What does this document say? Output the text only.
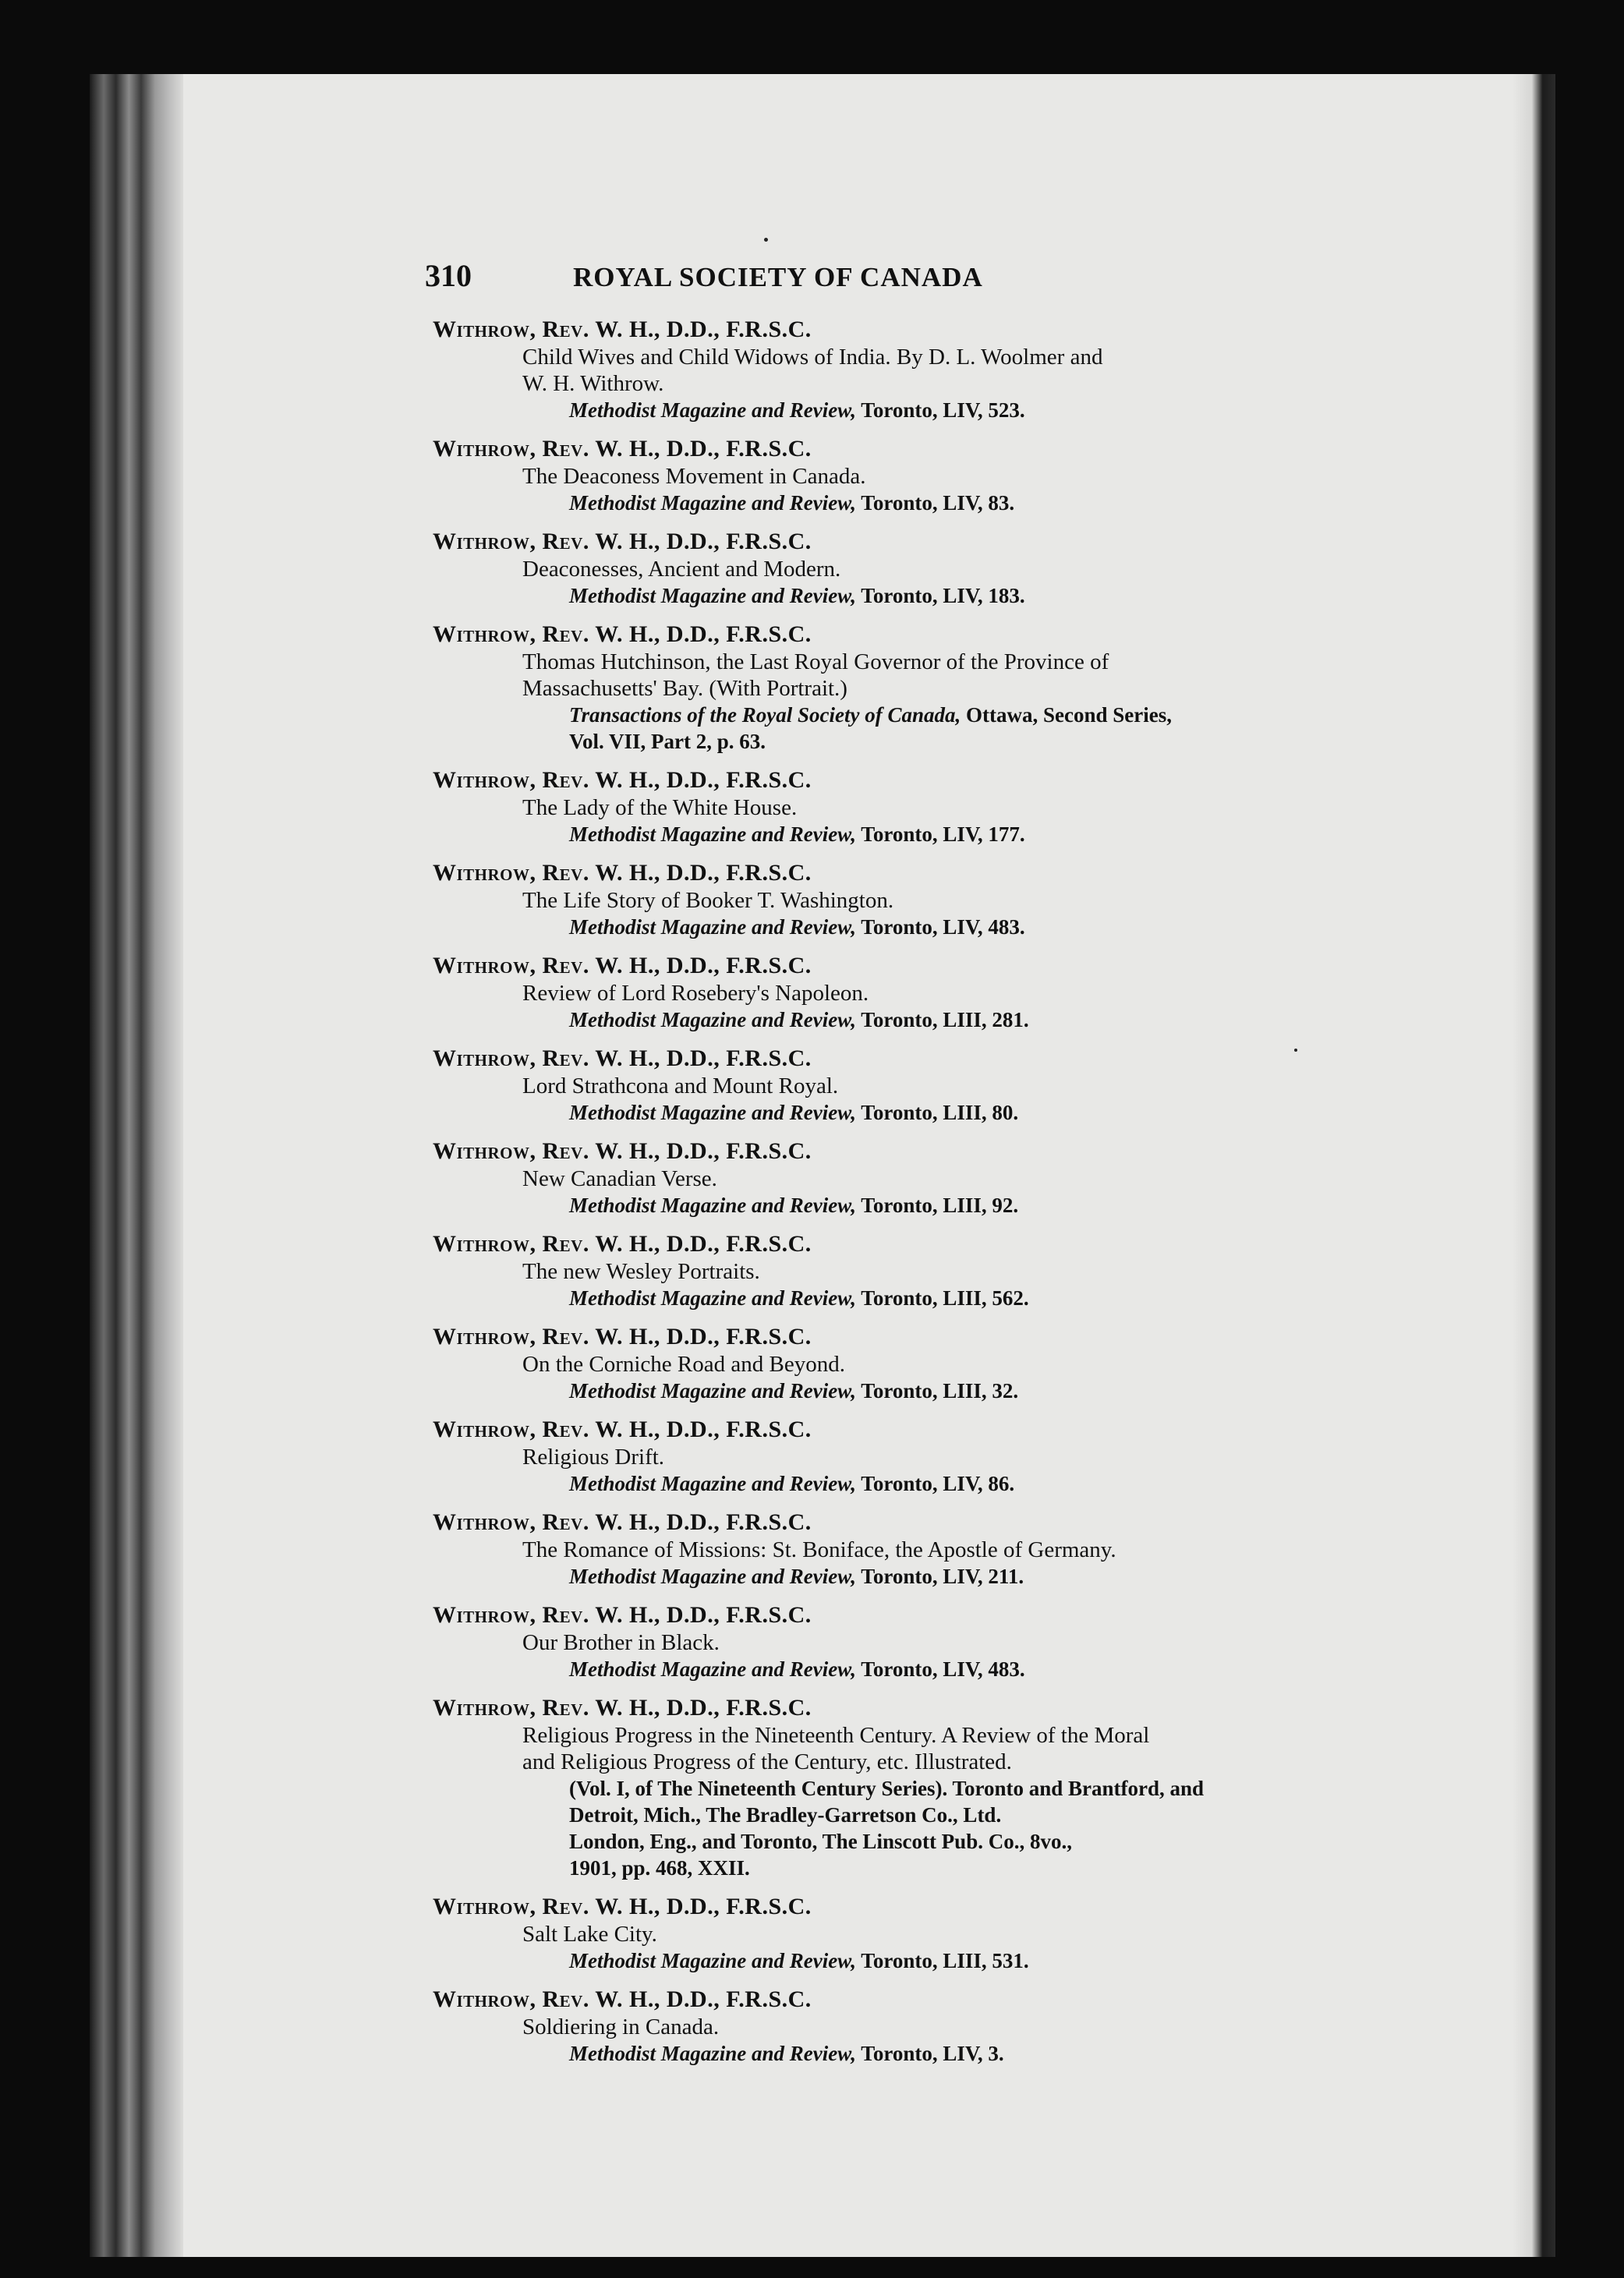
310	ROYAL SOCIETY OF CANADA
Withrow, Rev. W. H., D.D., F.R.S.C.
Child Wives and Child Widows of India. By D. L. Woolmer and
W. H. Withrow.
Methodist Magazine and Review, Toronto, LIV, 523.
Withrow, Rev. W. H., D.D., F.R.S.C.
The Deaconess Movement in Canada.
Methodist Magazine and Review, Toronto, LIV, 83.
Withrow, Rev. W. H., D.D., F.R.S.C.
Deaconesses, Ancient and Modern.
Methodist Magazine and Review, Toronto, LIV, 183.
Withrow, Rev. W. H., D.D., F.R.S.C.
Thomas Hutchinson, the Last Royal Governor of the Province of
Massachusetts' Bay. (With Portrait.)
Transactions of the Royal Society of Canada, Ottawa, Second Series,
Vol. VII, Part 2, p. 63.
Withrow, Rev. W. H., D.D., F.R.S.C.
The Lady of the White House.
Methodist Magazine and Review, Toronto, LIV, 177.
Withrow, Rev. W. H., D.D., F.R.S.C.
The Life Story of Booker T. Washington.
Methodist Magazine and Review, Toronto, LIV, 483.
Withrow, Rev. W. H., D.D., F.R.S.C.
Review of Lord Rosebery's Napoleon.
Methodist Magazine and Review, Toronto, LIII, 281.
Withrow, Rev. W. H., D.D., F.R.S.C.
Lord Strathcona and Mount Royal.
Methodist Magazine and Review, Toronto, LIII, 80.
Withrow, Rev. W. H., D.D., F.R.S.C.
New Canadian Verse.
Methodist Magazine and Review, Toronto, LIII, 92.
Withrow, Rev. W. H., D.D., F.R.S.C.
The new Wesley Portraits.
Methodist Magazine and Review, Toronto, LIII, 562.
Withrow, Rev. W. H., D.D., F.R.S.C.
On the Corniche Road and Beyond.
Methodist Magazine and Review, Toronto, LIII, 32.
Withrow, Rev. W. H., D.D., F.R.S.C.
Religious Drift.
Methodist Magazine and Review, Toronto, LIV, 86.
Withrow, Rev. W. H., D.D., F.R.S.C.
The Romance of Missions: St. Boniface, the Apostle of Germany.
Methodist Magazine and Review, Toronto, LIV, 211.
Withrow, Rev. W. H., D.D., F.R.S.C.
Our Brother in Black.
Methodist Magazine and Review, Toronto, LIV, 483.
Withrow, Rev. W. H., D.D., F.R.S.C.
Religious Progress in the Nineteenth Century. A Review of the Moral
and Religious Progress of the Century, etc. Illustrated.
(Vol. I, of The Nineteenth Century Series). Toronto and Brantford, and
Detroit, Mich., The Bradley-Garretson Co., Ltd.
London, Eng., and Toronto, The Linscott Pub. Co., 8vo.,
1901, pp. 468, XXII.
Withrow, Rev. W. H., D.D., F.R.S.C.
Salt Lake City.
Methodist Magazine and Review, Toronto, LIII, 531.
Withrow, Rev. W. H., D.D., F.R.S.C.
Soldiering in Canada.
Methodist Magazine and Review, Toronto, LIV, 3.
